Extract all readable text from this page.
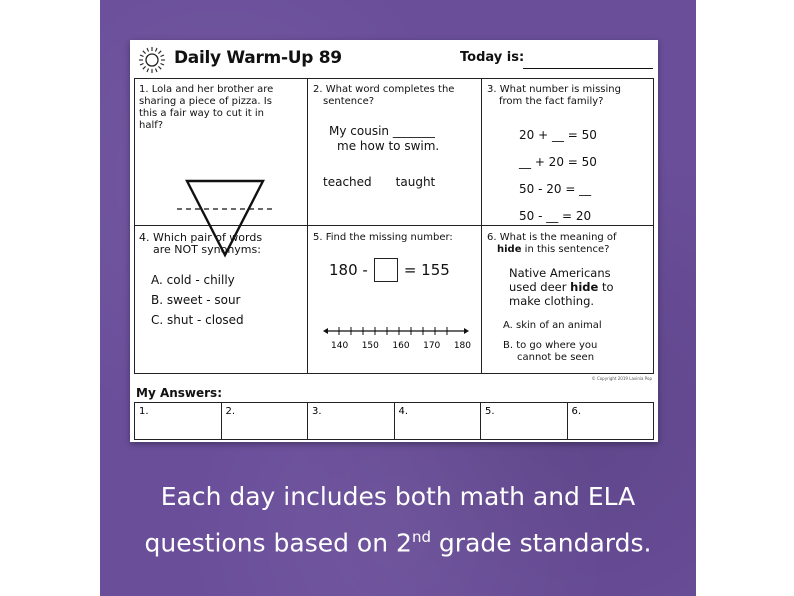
Daily Warm-Up 89	Today is:
1. Lola and her brother are
sharing a piece of pizza. Is
this a fair way to cut it in
half?
2. What word completes the
sentence?
My cousin _______
me how to swim.
teached taught
3. What number is missing
from the fact family?
20 + __ = 50
__ + 20 = 50
50 - 20 = __
50 - __ = 20
4. Which pair of words
are NOT synonyms:
A. cold - chilly
B. sweet - sour
C. shut - closed
5. Find the missing number:
180 - = 155
140 150 160 170 180
6. What is the meaning of
hide in this sentence?
Native Americans
used deer hide to
make clothing.
A. skin of an animal
B. to go where you
cannot be seen
© Copyright 2019 Lavinia Pop
My Answers:
1.	2.	3.	4.	5.	6.
Each day includes both math and ELA
questions based on 2nd grade standards.
